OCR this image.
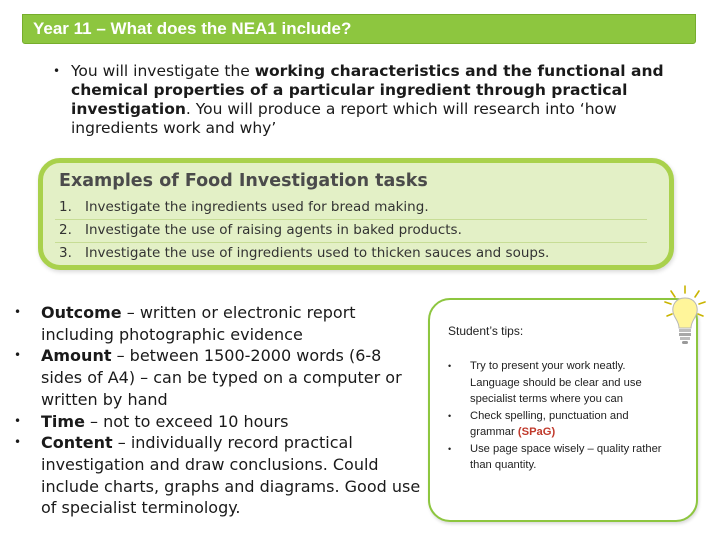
Year 11 – What does the NEA1 include?
• You will investigate the working characteristics and the functional and chemical properties of a particular ingredient through practical investigation. You will produce a report which will research into ‘how ingredients work and why’
Examples of Food Investigation tasks
1. Investigate the ingredients used for bread making.
2. Investigate the use of raising agents in baked products.
3. Investigate the use of ingredients used to thicken sauces and soups.
• Outcome – written or electronic report including photographic evidence
• Amount – between 1500-2000 words (6-8 sides of A4) – can be typed on a computer or written by hand
• Time – not to exceed 10 hours
• Content – individually record practical investigation and draw conclusions. Could include charts, graphs and diagrams. Good use of specialist terminology.
Student’s tips:
• Try to present your work neatly. Language should be clear and use specialist terms where you can
• Check spelling, punctuation and grammar (SPaG)
• Use page space wisely – quality rather than quantity.
